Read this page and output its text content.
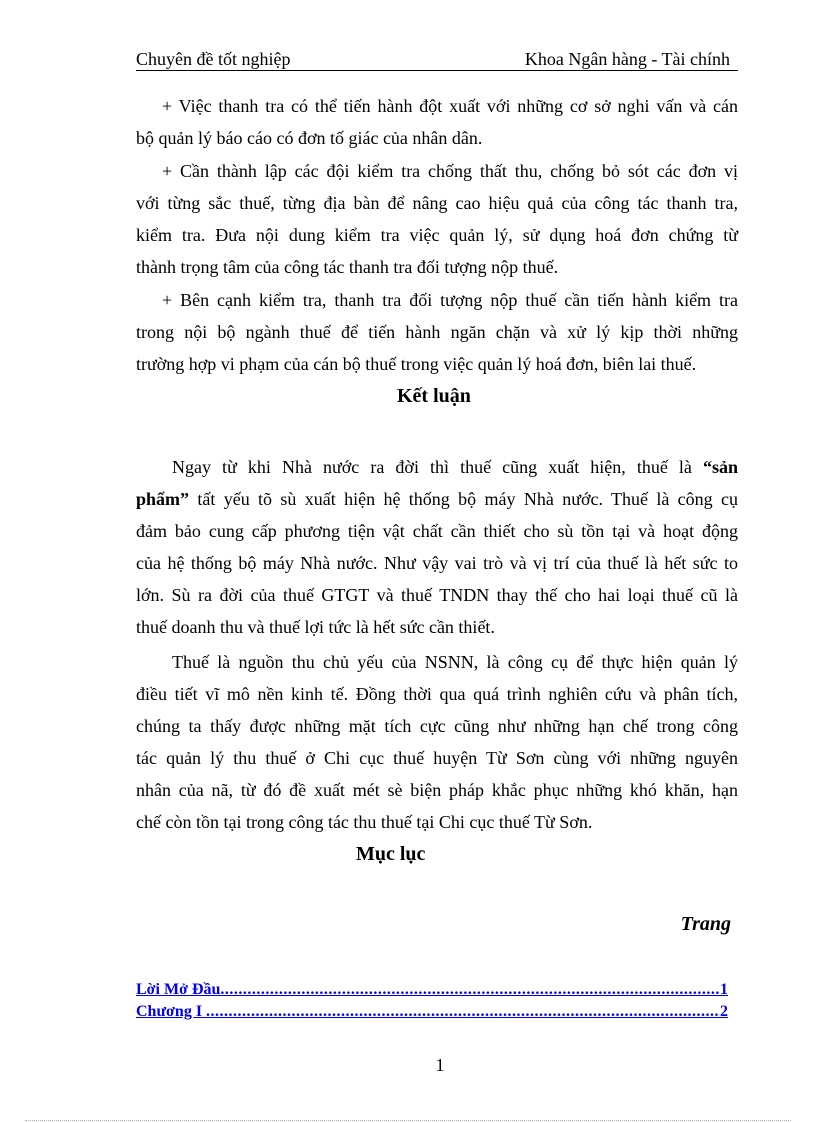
Chuyên đề tốt nghiệp	Khoa Ngân hàng - Tài chính
+ Việc thanh tra có thể tiến hành đột xuất với những cơ sở nghi vấn và cán
bộ quản lý báo cáo có đơn tố giác của nhân dân.
+ Cần thành lập các đội kiểm tra chống thất thu, chống bỏ sót các đơn vị
với từng sắc thuế, từng địa bàn để nâng cao hiệu quả của công tác thanh tra,
kiểm tra. Đưa nội dung kiểm tra việc quản lý, sử dụng hoá đơn chứng từ
thành trọng tâm của công tác thanh tra đối tượng nộp thuế.
+ Bên cạnh kiểm tra, thanh tra đối tượng nộp thuế cần tiến hành kiểm tra
trong nội bộ ngành thuế để tiến hành ngăn chặn và xử lý kịp thời những
trường hợp vi phạm của cán bộ thuế trong việc quản lý hoá đơn, biên lai thuế.
Kết luận
Ngay từ khi Nhà nước ra đời thì thuế cũng xuất hiện, thuế là “sản
phẩm” tất yếu tõ sù xuất hiện hệ thống bộ máy Nhà nước. Thuế là công cụ
đảm bảo cung cấp phương tiện vật chất cần thiết cho sù tồn tại và hoạt động
của hệ thống bộ máy Nhà nước. Như vậy vai trò và vị trí của thuế là hết sức to
lớn. Sù ra đời của thuế GTGT và thuế TNDN thay thế cho hai loại thuế cũ là
thuế doanh thu và thuế lợi tức là hết sức cần thiết.
Thuế là nguồn thu chủ yếu của NSNN, là công cụ để thực hiện quản lý
điều tiết vĩ mô nền kinh tế. Đồng thời qua quá trình nghiên cứu và phân tích,
chúng ta thấy được những mặt tích cực cũng như những hạn chế trong công
tác quản lý thu thuế ở Chi cục thuế huyện Từ Sơn cùng với những nguyên
nhân của nã, từ đó đề xuất mét sè biện pháp khắc phục những khó khăn, hạn
chế còn tồn tại trong công tác thu thuế tại Chi cục thuế Từ Sơn.
Mục lục
Trang
Lời Mở Đầu .....	1
Chương I .....	2
1
